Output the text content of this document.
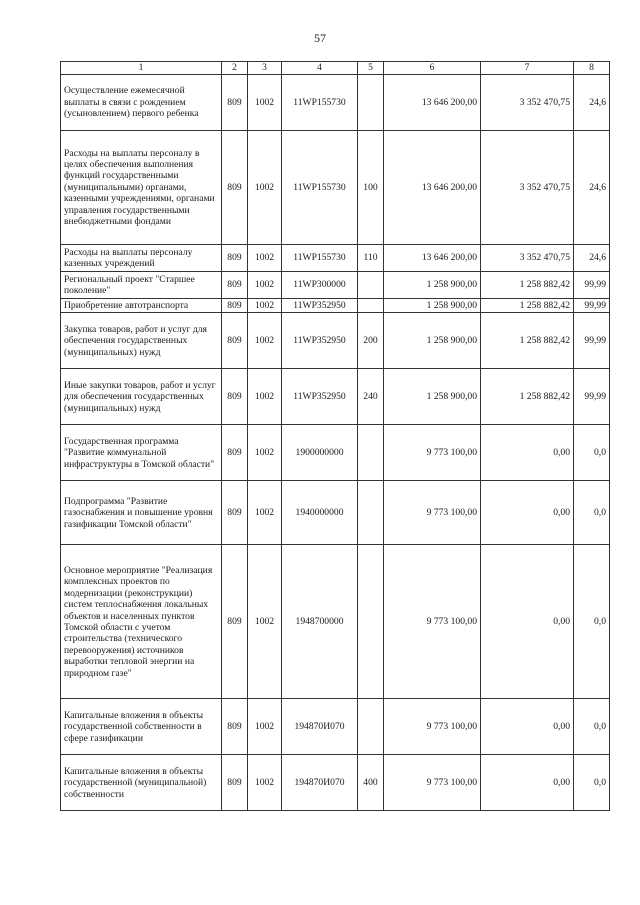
57
1	2	3	4	5	6	7	8
Осуществление ежемесячной выплаты в связи с рождением (усыновлением) первого ребенка	809	1002	11WP155730		13 646 200,00	3 352 470,75	24,6
Расходы на выплаты персоналу в целях обеспечения выполнения функций государственными (муниципальными) органами, казенными учреждениями, органами управления государственными внебюджетными фондами	809	1002	11WP155730	100	13 646 200,00	3 352 470,75	24,6
Расходы на выплаты персоналу казенных учреждений	809	1002	11WP155730	110	13 646 200,00	3 352 470,75	24,6
Региональный проект "Старшее поколение"	809	1002	11WP300000		1 258 900,00	1 258 882,42	99,99
Приобретение автотранспорта	809	1002	11WP352950		1 258 900,00	1 258 882,42	99,99
Закупка товаров, работ и услуг для обеспечения государственных (муниципальных) нужд	809	1002	11WP352950	200	1 258 900,00	1 258 882,42	99,99
Иные закупки товаров, работ и услуг для обеспечения государственных (муниципальных) нужд	809	1002	11WP352950	240	1 258 900,00	1 258 882,42	99,99
Государственная программа "Развитие коммунальной инфраструктуры в Томской области"	809	1002	1900000000		9 773 100,00	0,00	0,0
Подпрограмма "Развитие газоснабжения и повышение уровня газификации Томской области"	809	1002	1940000000		9 773 100,00	0,00	0,0
Основное мероприятие "Реализация комплексных проектов по модернизации (реконструкции) систем теплоснабжения локальных объектов и населенных пунктов Томской области с учетом строительства (технического перевооружения) источников выработки тепловой энергии на природном газе"	809	1002	1948700000		9 773 100,00	0,00	0,0
Капитальные вложения в объекты государственной собственности в сфере газификации	809	1002	194870И070		9 773 100,00	0,00	0,0
Капитальные вложения в объекты государственной (муниципальной) собственности	809	1002	194870И070	400	9 773 100,00	0,00	0,0
